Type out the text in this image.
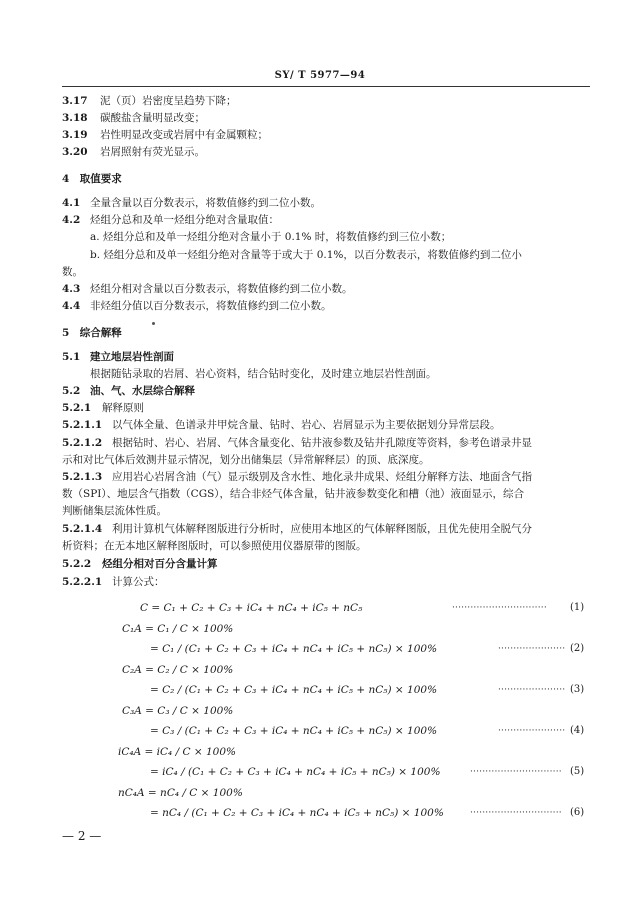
SY/ T 5977—94
3.17 泥（页）岩密度呈趋势下降；
3.18 碳酸盐含量明显改变；
3.19 岩性明显改变或岩屑中有金属颗粒；
3.20 岩屑照射有荧光显示。
4　取值要求
4.1 全量含量以百分数表示，将数值修约到二位小数。
4.2 烃组分总和及单一烃组分绝对含量取值：
a. 烃组分总和及单一烃组分绝对含量小于 0.1% 时，将数值修约到三位小数；
b. 烃组分总和及单一烃组分绝对含量等于或大于 0.1%，以百分数表示，将数值修约到二位小
数。
4.3 烃组分相对含量以百分数表示，将数值修约到二位小数。
4.4 非烃组分值以百分数表示，将数值修约到二位小数。
5　综合解释
5.1 建立地层岩性剖面
根据随钻录取的岩屑、岩心资料，结合钻时变化，及时建立地层岩性剖面。
5.2 油、气、水层综合解释
5.2.1 解释原则
5.2.1.1 以气体全量、色谱录井甲烷含量、钻时、岩心、岩屑显示为主要依据划分异常层段。
5.2.1.2 根据钻时、岩心、岩屑、气体含量变化、钻井液参数及钻井孔隙度等资料，参考色谱录井显
示和对比气体后效测井显示情况，划分出储集层（异常解释层）的顶、底深度。
5.2.1.3 应用岩心岩屑含油（气）显示级别及含水性、地化录井成果、烃组分解释方法、地面含气指
数（SPI）、地层含气指数（CGS），结合非烃气体含量，钻井液参数变化和槽（池）液面显示，综合
判断储集层流体性质。
5.2.1.4 利用计算机气体解释图版进行分析时，应使用本地区的气体解释图版，且优先使用全脱气分
析资料；在无本地区解释图版时，可以参照使用仪器原带的图版。
5.2.2 烃组分相对百分含量计算
5.2.2.1 计算公式：
C = C₁ + C₂ + C₃ + iC₄ + nC₄ + iC₅ + nC₅	······························· (1)
C₁A = C₁ / C × 100%
= C₁ / (C₁ + C₂ + C₃ + iC₄ + nC₄ + iC₅ + nC₅) × 100%	······················ (2)
C₂A = C₂ / C × 100%
= C₂ / (C₁ + C₂ + C₃ + iC₄ + nC₄ + iC₅ + nC₅) × 100%	······················ (3)
C₃A = C₃ / C × 100%
= C₃ / (C₁ + C₂ + C₃ + iC₄ + nC₄ + iC₅ + nC₅) × 100%	······················ (4)
iC₄A = iC₄ / C × 100%
= iC₄ / (C₁ + C₂ + C₃ + iC₄ + nC₄ + iC₅ + nC₅) × 100%	······························ (5)
nC₄A = nC₄ / C × 100%
= nC₄ / (C₁ + C₂ + C₃ + iC₄ + nC₄ + iC₅ + nC₅) × 100%	······························ (6)
— 2 —
